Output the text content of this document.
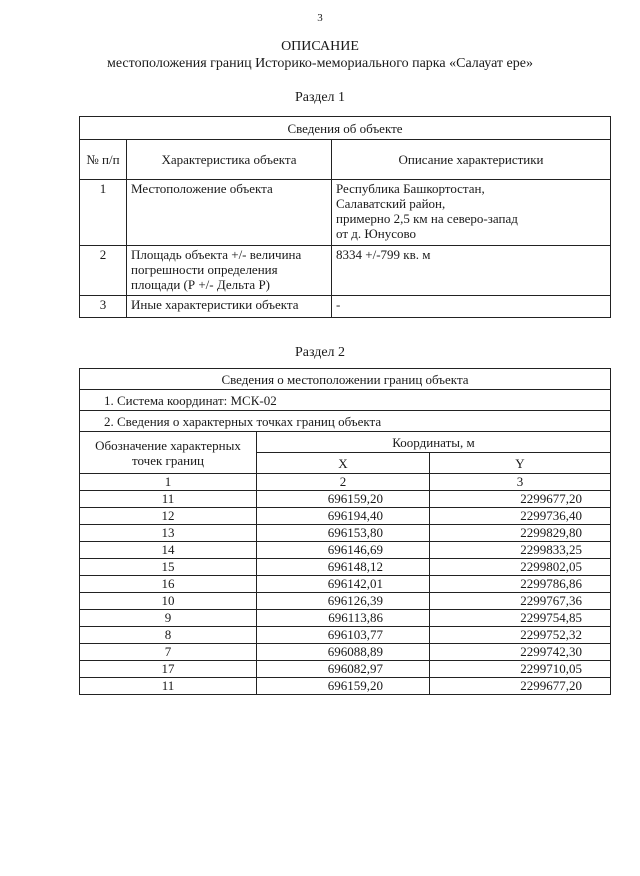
3
ОПИСАНИЕ
местоположения границ Историко-мемориального парка «Салауат ере»
Раздел 1
Сведения об объекте		
№ п/п	Характеристика объекта	Описание характеристики
1	Местоположение объекта	Республика Башкортостан,
Салаватский район,
примерно 2,5 км на северо-запад
от д. Юнусово

2	Площадь объекта +/- величина погрешности определения площади (Р +/- Дельта Р)	8334 +/-799 кв. м
3	Иные характеристики объекта	-
Раздел 2
Сведения о местоположении границ объекта		
1. Система координат: МСК-02		
2. Сведения о характерных точках границ объекта		
Обозначение характерных точек границ	Координаты, м	
	X	Y
1	2	3
11	696159,20	2299677,20
12	696194,40	2299736,40
13	696153,80	2299829,80
14	696146,69	2299833,25
15	696148,12	2299802,05
16	696142,01	2299786,86
10	696126,39	2299767,36
9	696113,86	2299754,85
8	696103,77	2299752,32
7	696088,89	2299742,30
17	696082,97	2299710,05
11	696159,20	2299677,20
